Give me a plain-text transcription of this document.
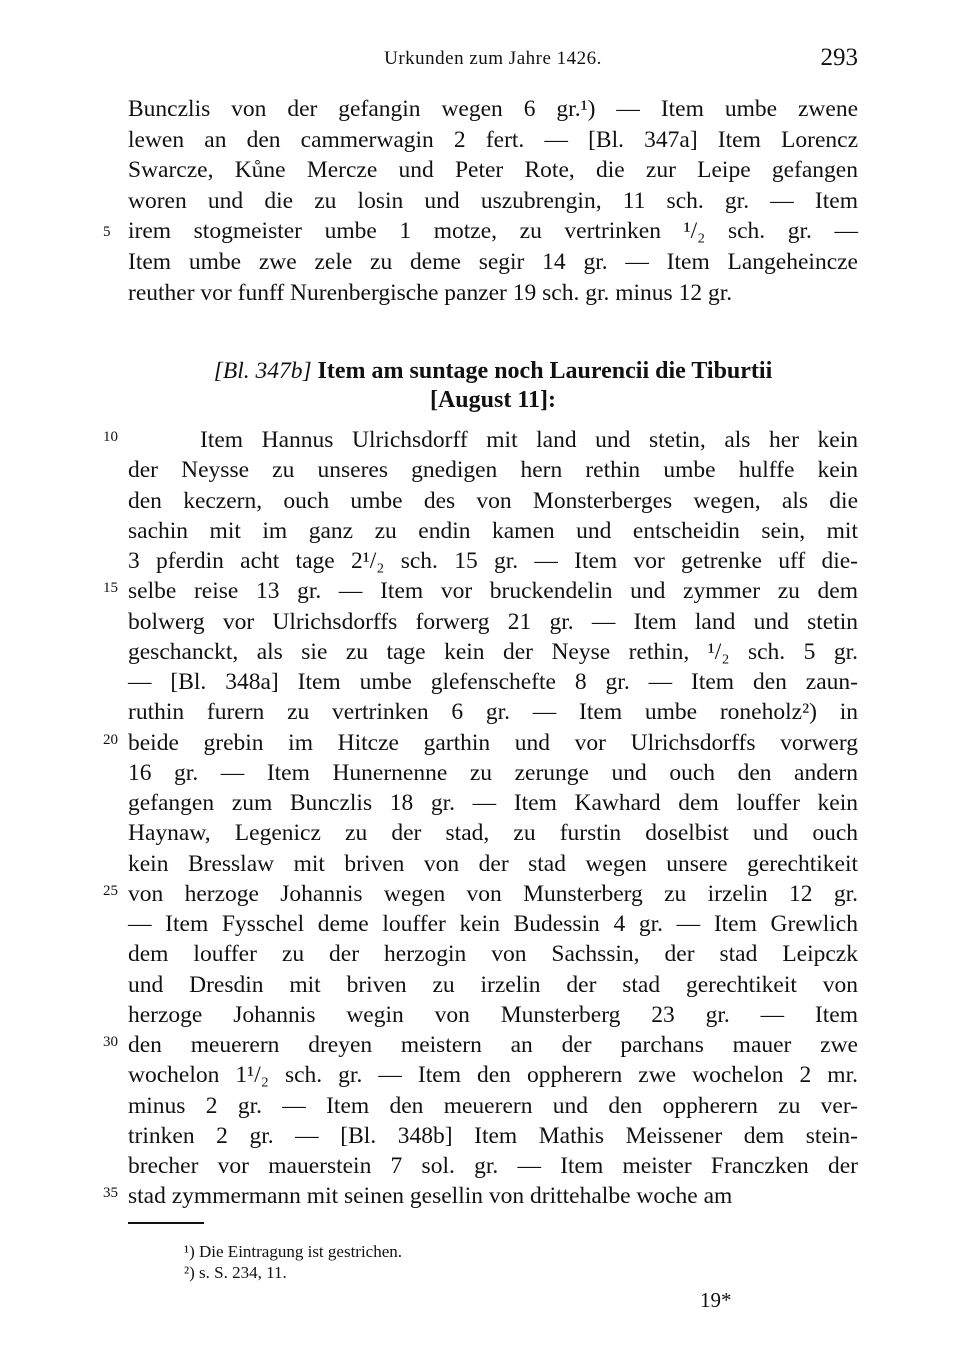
Urkunden zum Jahre 1426.	293
Bunczlis von der gefangin wegen 6 gr.¹) — Item umbe zwene
lewen an den cammerwagin 2 fert. — [Bl. 347a] Item Lorencz
Swarcze, Kůne Mercze und Peter Rote, die zur Leipe gefangen
woren und die zu losin und uszubrengin, 11 sch. gr. — Item
irem stogmeister umbe 1 motze, zu vertrinken ¹/₂ sch. gr. —
5
Item umbe zwe zele zu deme segir 14 gr. — Item Langeheincze
reuther vor funff Nurenbergische panzer 19 sch. gr. minus 12 gr.
[Bl. 347b] Item am suntage noch Laurencii die Tiburtii
[August 11]:
Item Hannus Ulrichsdorff mit land und stetin, als her kein
10
der Neysse zu unseres gnedigen hern rethin umbe hulffe kein
den keczern, ouch umbe des von Monsterberges wegen, als die
sachin mit im ganz zu endin kamen und entscheidin sein, mit
3 pferdin acht tage 2¹/₂ sch. 15 gr. — Item vor getrenke uff die-
selbe reise 13 gr. — Item vor bruckendelin und zymmer zu dem
15
bolwerg vor Ulrichsdorffs forwerg 21 gr. — Item land und stetin
geschanckt, als sie zu tage kein der Neyse rethin, ¹/₂ sch. 5 gr.
— [Bl. 348a] Item umbe glefenschefte 8 gr. — Item den zaun-
ruthin furern zu vertrinken 6 gr. — Item umbe roneholz²) in
beide grebin im Hitcze garthin und vor Ulrichsdorffs vorwerg
20
16 gr. — Item Hunernenne zu zerunge und ouch den andern
gefangen zum Bunczlis 18 gr. — Item Kawhard dem louffer kein
Haynaw, Legenicz zu der stad, zu furstin doselbist und ouch
kein Bresslaw mit briven von der stad wegen unsere gerechtikeit
von herzoge Johannis wegen von Munsterberg zu irzelin 12 gr.
25
— Item Fysschel deme louffer kein Budessin 4 gr. — Item Grewlich
dem louffer zu der herzogin von Sachssin, der stad Leipczk
und Dresdin mit briven zu irzelin der stad gerechtikeit von
herzoge Johannis wegin von Munsterberg 23 gr. — Item
den meuerern dreyen meistern an der parchans mauer zwe
30
wochelon 1¹/₂ sch. gr. — Item den oppherern zwe wochelon 2 mr.
minus 2 gr. — Item den meuerern und den oppherern zu ver-
trinken 2 gr. — [Bl. 348b] Item Mathis Meissener dem stein-
brecher vor mauerstein 7 sol. gr. — Item meister Franczken der
stad zymmermann mit seinen gesellin von drittehalbe woche am
35
¹) Die Eintragung ist gestrichen.
²) s. S. 234, 11.
19*
